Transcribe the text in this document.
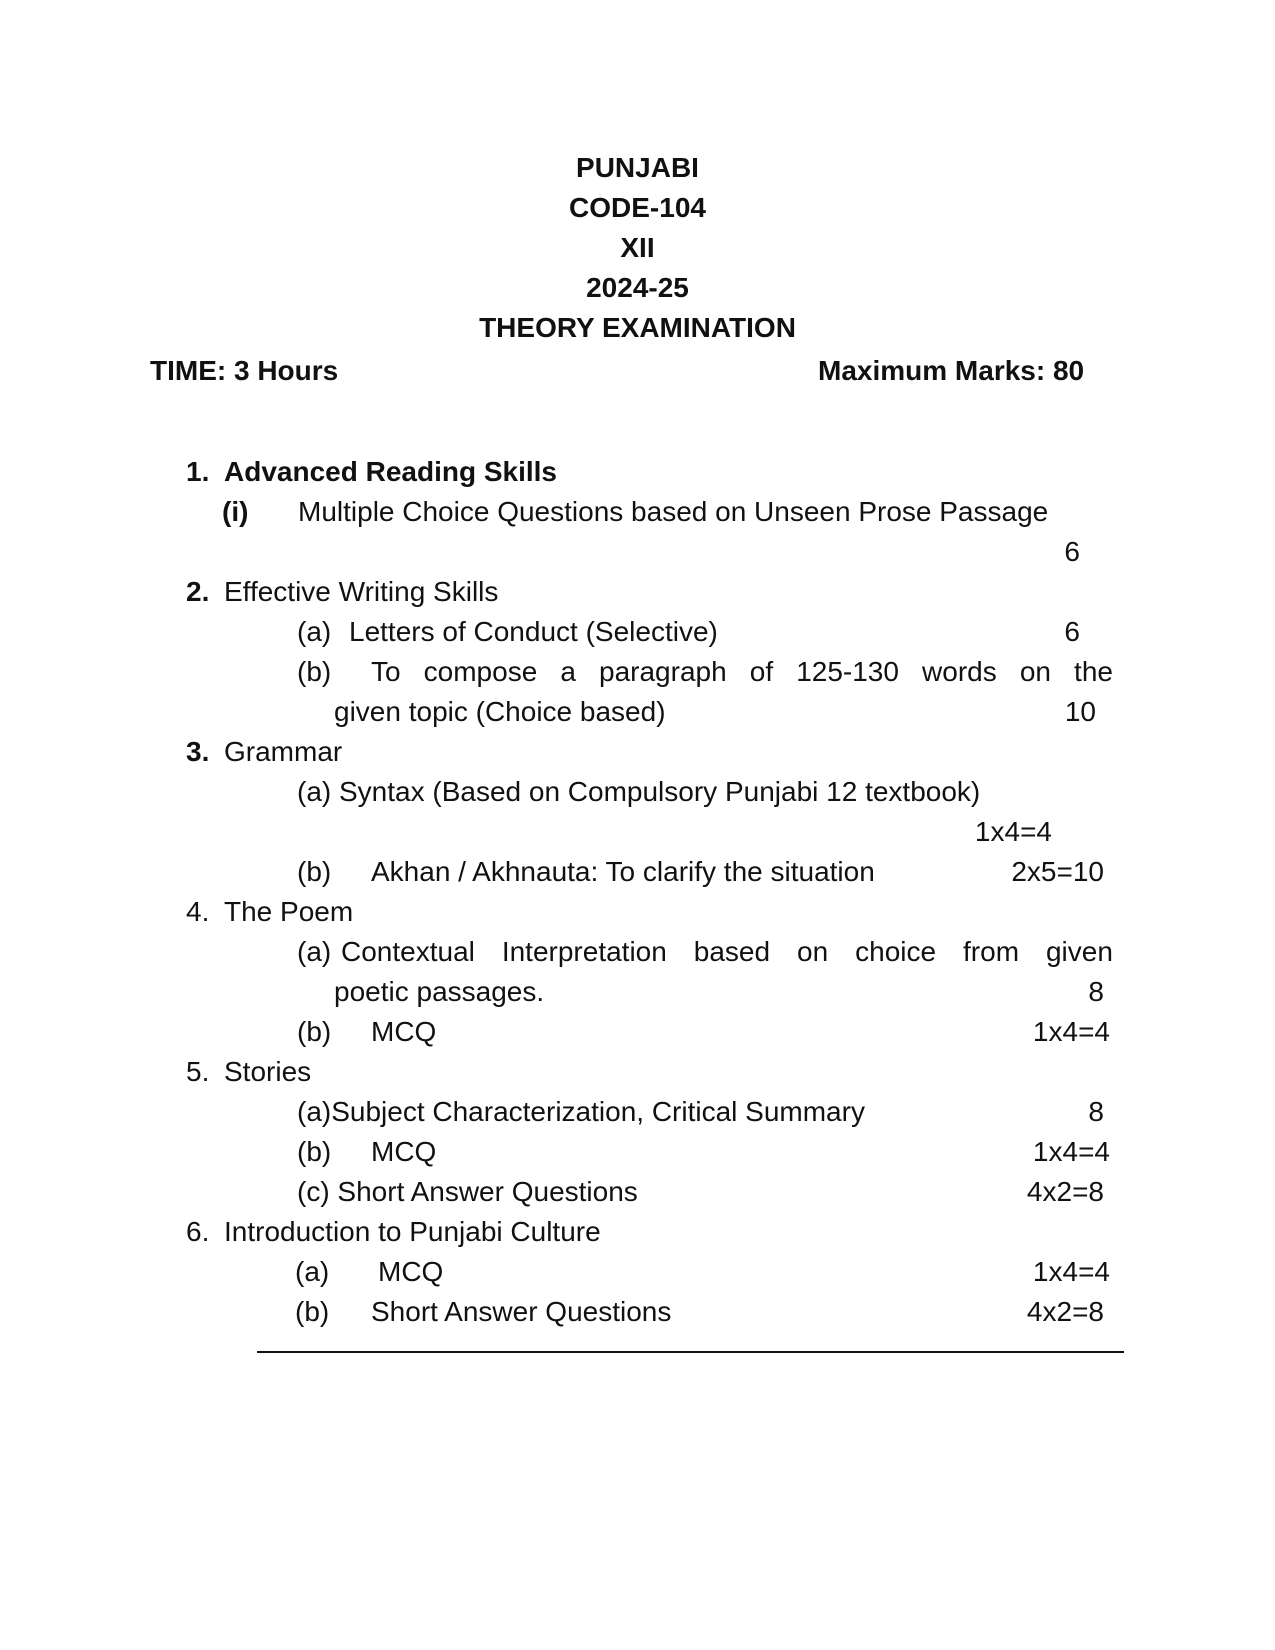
PUNJABI
CODE-104
XII
2024-25
THEORY EXAMINATION
TIME: 3 Hours	Maximum Marks: 80
1. Advanced Reading Skills
(i) Multiple Choice Questions based on Unseen Prose Passage
6
2. Effective Writing Skills
(a) Letters of Conduct (Selective)	6
(b) To compose a paragraph of 125-130 words on the
given topic (Choice based)	10
3. Grammar
(a) Syntax (Based on Compulsory Punjabi 12 textbook)
1x4=4
(b) Akhan / Akhnauta: To clarify the situation	2x5=10
4. The Poem
(a) Contextual Interpretation based on choice from given
poetic passages.	8
(b) MCQ	1x4=4
5. Stories
(a)Subject Characterization, Critical Summary	8
(b) MCQ	1x4=4
(c) Short Answer Questions	4x2=8
6. Introduction to Punjabi Culture
(a) MCQ	1x4=4
(b) Short Answer Questions	4x2=8
